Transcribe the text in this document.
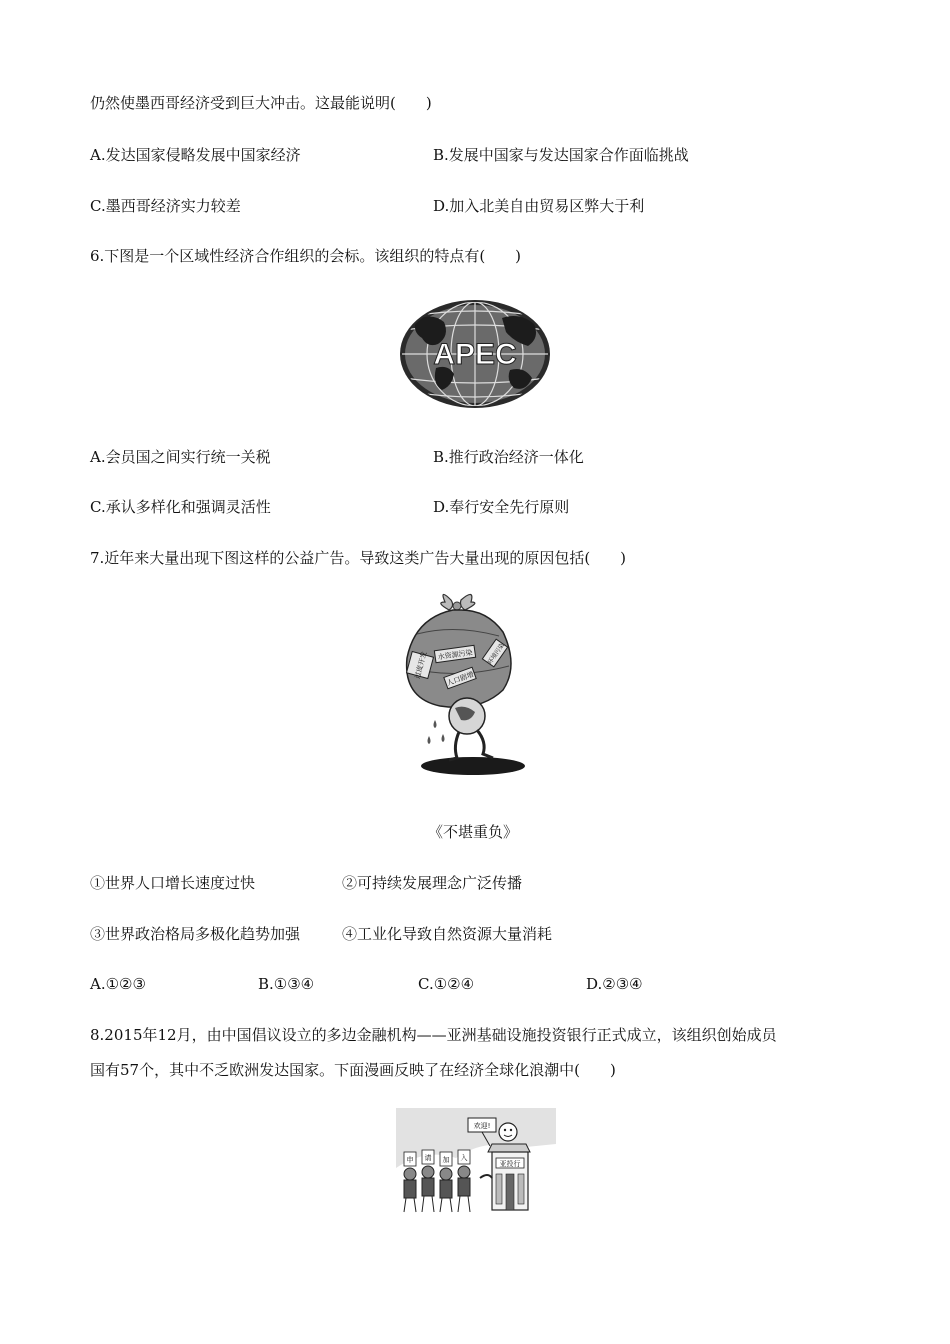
仍然使墨西哥经济受到巨大冲击。这最能说明(　　)
A.发达国家侵略发展中国家经济	B.发展中国家与发达国家合作面临挑战
C.墨西哥经济实力较差	D.加入北美自由贸易区弊大于利
6.下图是一个区域性经济合作组织的会标。该组织的特点有(　　)
APEC
A.会员国之间实行统一关税	B.推行政治经济一体化
C.承认多样化和强调灵活性	D.奉行安全先行原则
7.近年来大量出现下图这样的公益广告。导致这类广告大量出现的原因包括(　　)
过度开发 水资源污染
人口剧增
环境污染
《不堪重负》
①世界人口增长速度过快	②可持续发展理念广泛传播
③世界政治格局多极化趋势加强	④工业化导致自然资源大量消耗
A.①②③	B.①③④	C.①②④	D.②③④
8.2015年12月，由中国倡议设立的多边金融机构——亚洲基础设施投资银行正式成立，该组织创始成员
国有57个，其中不乏欧洲发达国家。下面漫画反映了在经济全球化浪潮中(　　)
欢迎!
亚投行
申 请 加 入
